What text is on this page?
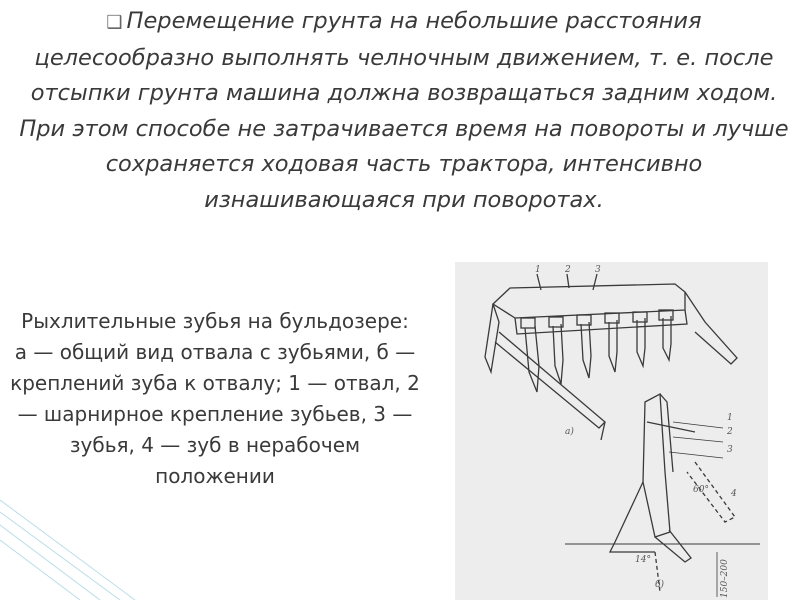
❑ Перемещение грунта на небольшие расстояния целесообразно выполнять челночным движением, т. е. после отсыпки грунта машина должна возвращаться задним ходом. При этом способе не затрачивается время на повороты и лучше сохраняется ходовая часть трактора, интенсивно изнашивающаяся при поворотах.
Рыхлительные зубья на бульдозере:
а — общий вид отвала с зубьями, б — креплений зуба к отвалу; 1 — отвал, 2 — шарнирное крепление зубьев, 3 — зубья, 4 — зуб в нерабочем положении
1	2	3
а)
1
2
3
4
60°
14°
б)	150–200
